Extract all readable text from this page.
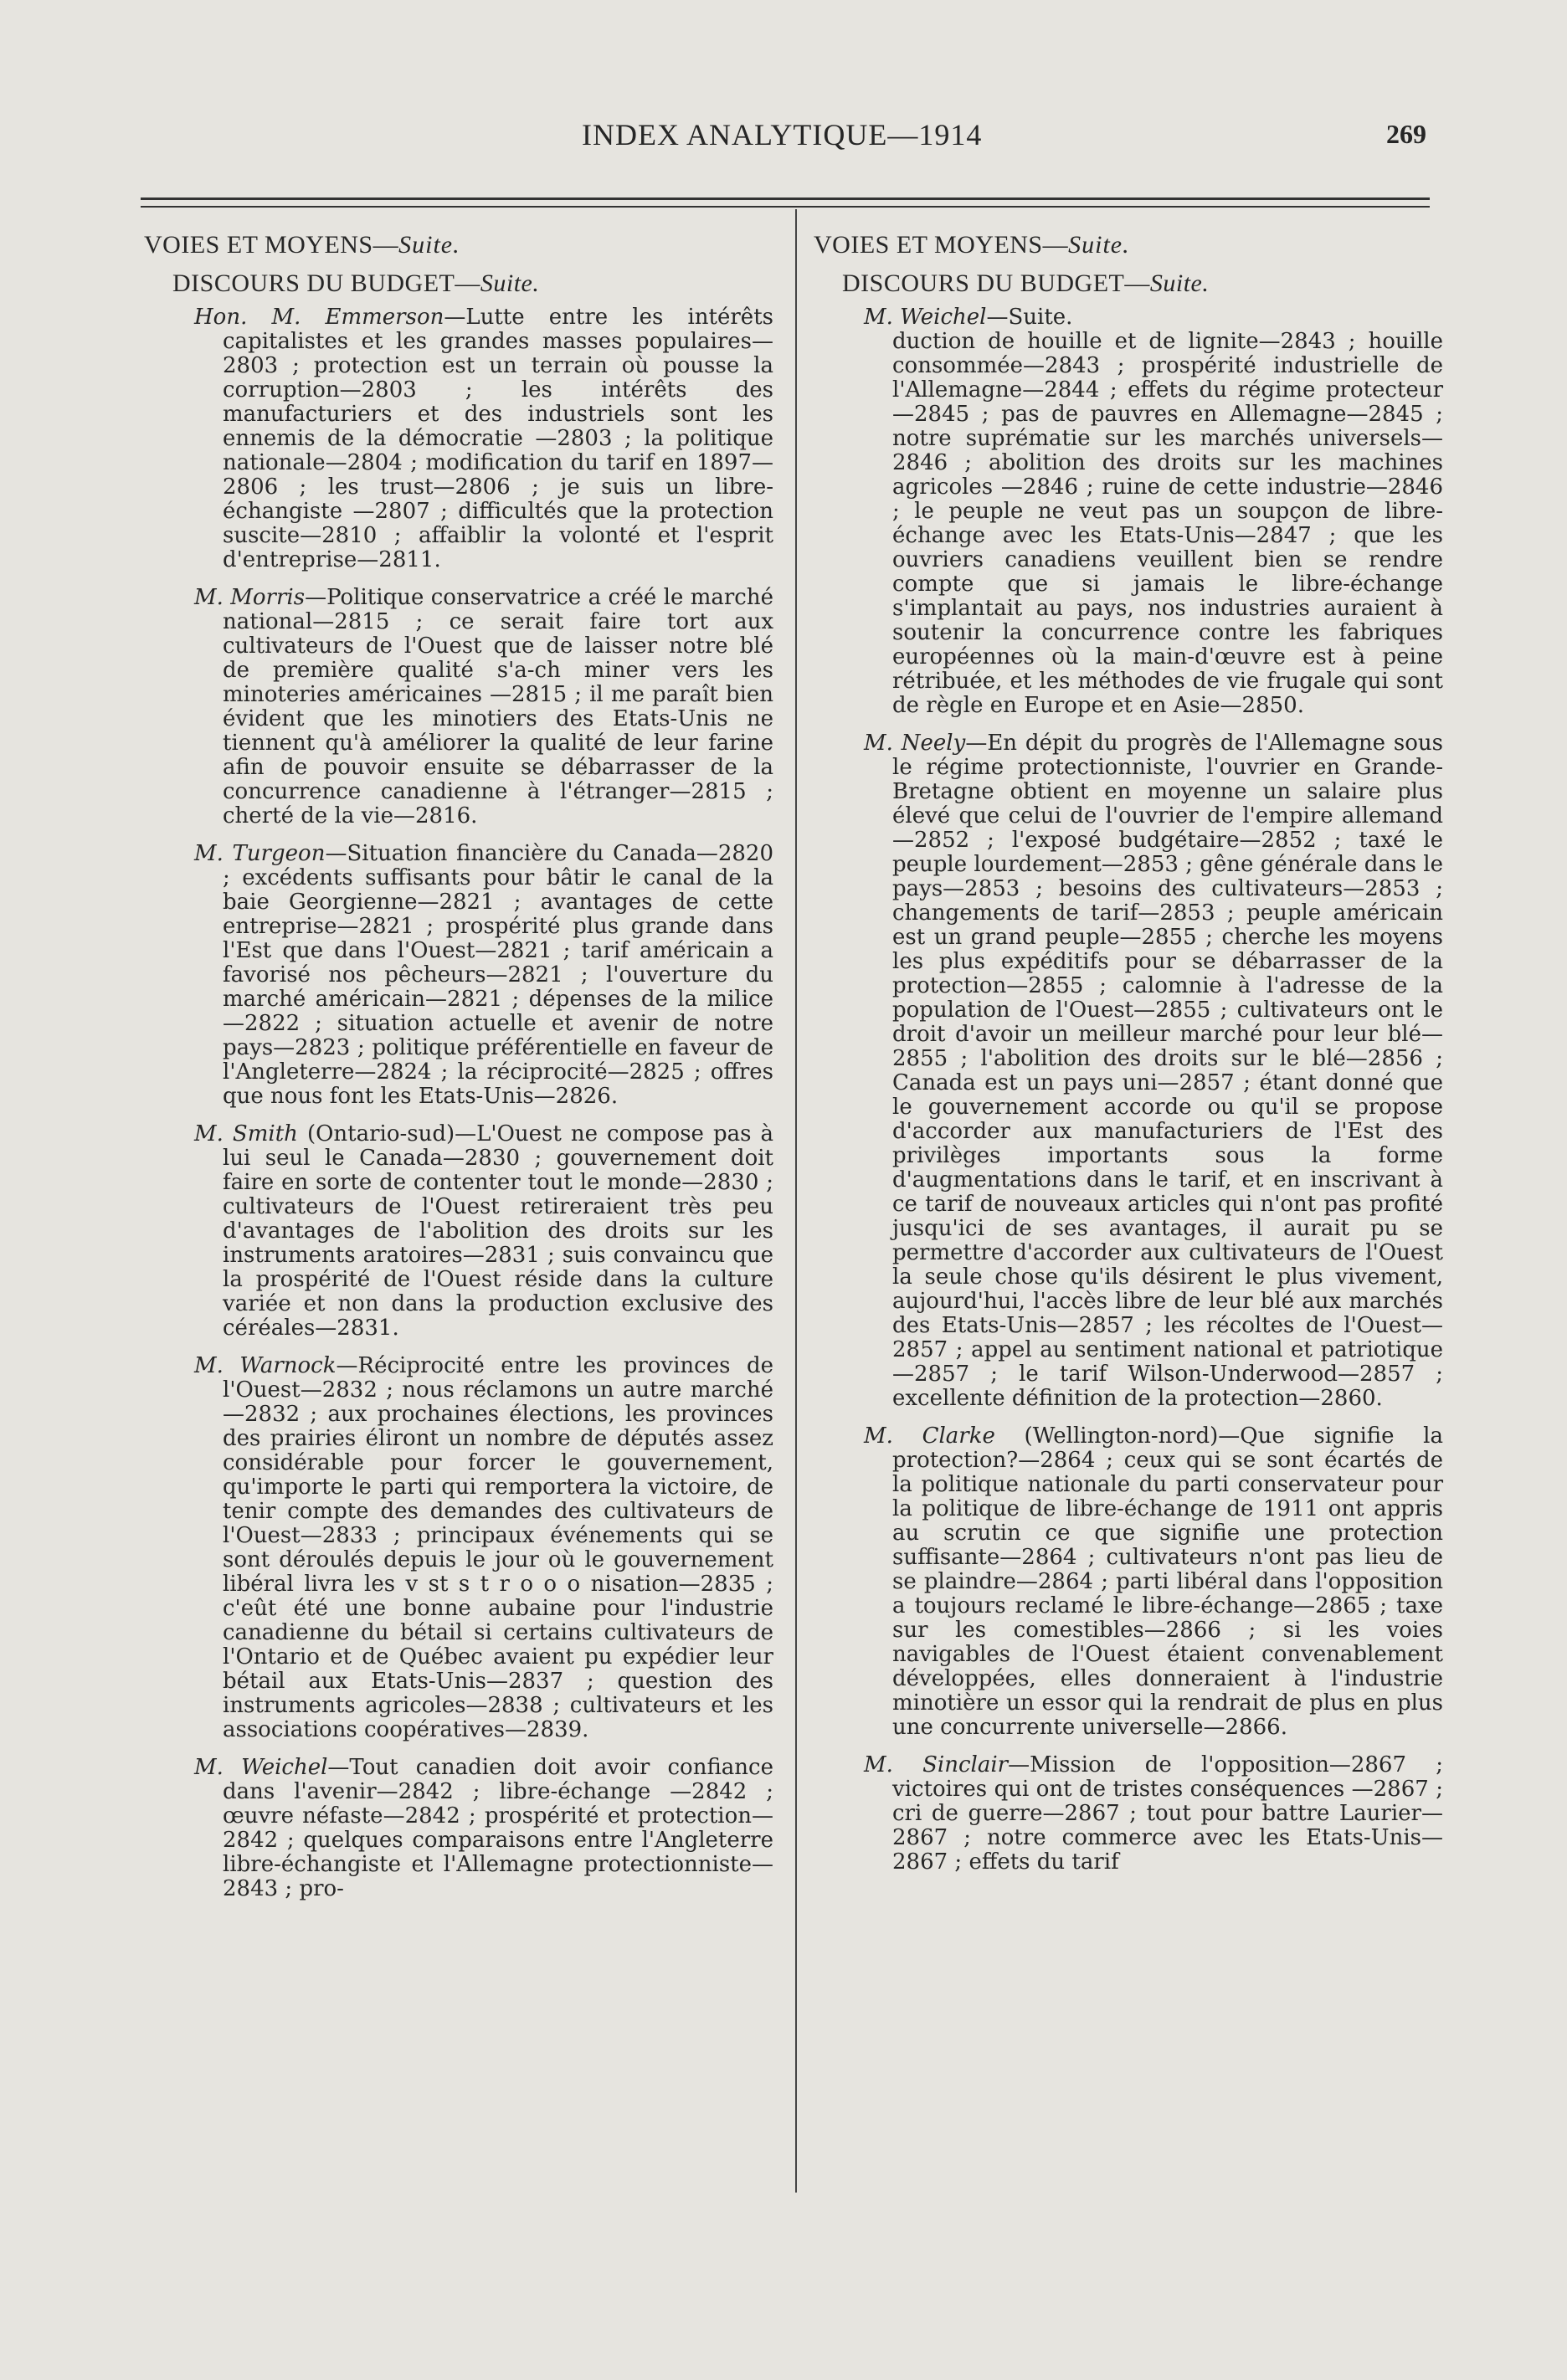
INDEX ANALYTIQUE—1914	269
VOIES ET MOYENS—Suite.
DISCOURS DU BUDGET—Suite.

Hon. M. Emmerson—Lutte entre les intérêts capitalistes et les grandes masses populaires—2803 ; protection est un terrain où pousse la corruption—2803 ; les intérêts des manufacturiers et des industriels sont les ennemis de la démocratie —2803 ; la politique nationale—2804 ; modification du tarif en 1897—2806 ; les trust—2806 ; je suis un libre-échangiste —2807 ; difficultés que la protection suscite—2810 ; affaiblir la volonté et l'esprit d'entreprise—2811.

M. Morris—Politique conservatrice a créé le marché national—2815 ; ce serait faire tort aux cultivateurs de l'Ouest que de laisser notre blé de première qualité s'a-ch miner vers les minoteries américaines —2815 ; il me paraît bien évident que les minotiers des Etats-Unis ne tiennent qu'à améliorer la qualité de leur farine afin de pouvoir ensuite se débarrasser de la concurrence canadienne à l'étranger—2815 ; cherté de la vie—2816.

M. Turgeon—Situation financière du Canada—2820 ; excédents suffisants pour bâtir le canal de la baie Georgienne—2821 ; avantages de cette entreprise—2821 ; prospérité plus grande dans l'Est que dans l'Ouest—2821 ; tarif américain a favorisé nos pêcheurs—2821 ; l'ouverture du marché américain—2821 ; dépenses de la milice—2822 ; situation actuelle et avenir de notre pays—2823 ; politique préférentielle en faveur de l'Angleterre—2824 ; la réciprocité—2825 ; offres que nous font les Etats-Unis—2826.

M. Smith (Ontario-sud)—L'Ouest ne compose pas à lui seul le Canada—2830 ; gouvernement doit faire en sorte de contenter tout le monde—2830 ; cultivateurs de l'Ouest retireraient très peu d'avantages de l'abolition des droits sur les instruments aratoires—2831 ; suis convaincu que la prospérité de l'Ouest réside dans la culture variée et non dans la production exclusive des céréales—2831.

M. Warnock—Réciprocité entre les provinces de l'Ouest—2832 ; nous réclamons un autre marché—2832 ; aux prochaines élections, les provinces des prairies éliront un nombre de députés assez considérable pour forcer le gouvernement, qu'importe le parti qui remportera la victoire, de tenir compte des demandes des cultivateurs de l'Ouest—2833 ; principaux événements qui se sont déroulés depuis le jour où le gouvernement libéral livra les v st s t r o o o nisation—2835 ; c'eût été une bonne aubaine pour l'industrie canadienne du bétail si certains cultivateurs de l'Ontario et de Québec avaient pu expédier leur bétail aux Etats-Unis—2837 ; question des instruments agricoles—2838 ; cultivateurs et les associations coopératives—2839.

M. Weichel—Tout canadien doit avoir confiance dans l'avenir—2842 ; libre-échange —2842 ; œuvre néfaste—2842 ; prospérité et protection—2842 ; quelques comparaisons entre l'Angleterre libre-échangiste et l'Allemagne protectionniste—2843 ; pro-

VOIES ET MOYENS—Suite.
DISCOURS DU BUDGET—Suite.

M. Weichel—Suite.
duction de houille et de lignite—2843 ; houille consommée—2843 ; prospérité industrielle de l'Allemagne—2844 ; effets du régime protecteur—2845 ; pas de pauvres en Allemagne—2845 ; notre suprématie sur les marchés universels—2846 ; abolition des droits sur les machines agricoles —2846 ; ruine de cette industrie—2846 ; le peuple ne veut pas un soupçon de libre-échange avec les Etats-Unis—2847 ; que les ouvriers canadiens veuillent bien se rendre compte que si jamais le libre-échange s'implantait au pays, nos industries auraient à soutenir la concurrence contre les fabriques européennes où la main-d'œuvre est à peine rétribuée, et les méthodes de vie frugale qui sont de règle en Europe et en Asie—2850.

M. Neely—En dépit du progrès de l'Allemagne sous le régime protectionniste, l'ouvrier en Grande-Bretagne obtient en moyenne un salaire plus élevé que celui de l'ouvrier de l'empire allemand—2852 ; l'exposé budgétaire—2852 ; taxé le peuple lourdement—2853 ; gêne générale dans le pays—2853 ; besoins des cultivateurs—2853 ; changements de tarif—2853 ; peuple américain est un grand peuple—2855 ; cherche les moyens les plus expéditifs pour se débarrasser de la protection—2855 ; calomnie à l'adresse de la population de l'Ouest—2855 ; cultivateurs ont le droit d'avoir un meilleur marché pour leur blé—2855 ; l'abolition des droits sur le blé—2856 ; Canada est un pays uni—2857 ; étant donné que le gouvernement accorde ou qu'il se propose d'accorder aux manufacturiers de l'Est des privilèges importants sous la forme d'augmentations dans le tarif, et en inscrivant à ce tarif de nouveaux articles qui n'ont pas profité jusqu'ici de ses avantages, il aurait pu se permettre d'accorder aux cultivateurs de l'Ouest la seule chose qu'ils désirent le plus vivement, aujourd'hui, l'accès libre de leur blé aux marchés des Etats-Unis—2857 ; les récoltes de l'Ouest—2857 ; appel au sentiment national et patriotique—2857 ; le tarif Wilson-Underwood—2857 ; excellente définition de la protection—2860.

M. Clarke (Wellington-nord)—Que signifie la protection?—2864 ; ceux qui se sont écartés de la politique nationale du parti conservateur pour la politique de libre-échange de 1911 ont appris au scrutin ce que signifie une protection suffisante—2864 ; cultivateurs n'ont pas lieu de se plaindre—2864 ; parti libéral dans l'opposition a toujours reclamé le libre-échange—2865 ; taxe sur les comestibles—2866 ; si les voies navigables de l'Ouest étaient convenablement développées, elles donneraient à l'industrie minotière un essor qui la rendrait de plus en plus une concurrente universelle—2866.

M. Sinclair—Mission de l'opposition—2867 ; victoires qui ont de tristes conséquences —2867 ; cri de guerre—2867 ; tout pour battre Laurier—2867 ; notre commerce avec les Etats-Unis—2867 ; effets du tarif
